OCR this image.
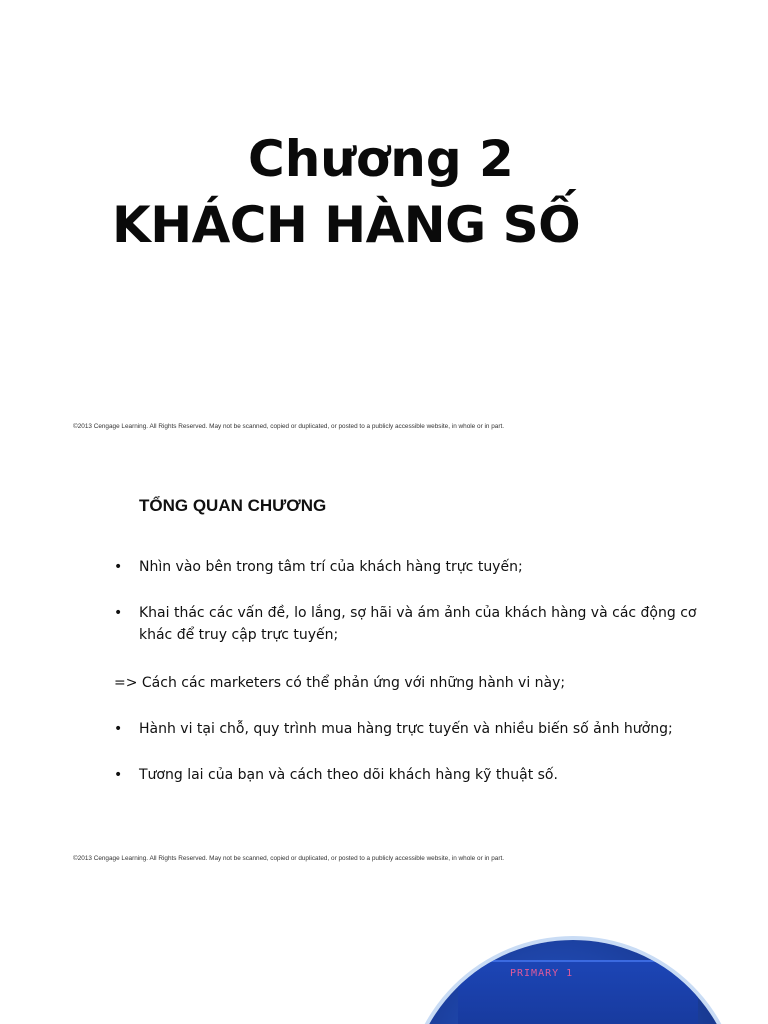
Chương 2
KHÁCH HÀNG SỐ
©2013 Cengage Learning. All Rights Reserved. May not be scanned, copied or duplicated, or posted to a publicly accessible website, in whole or in part.
TỔNG QUAN CHƯƠNG
•	Nhìn vào bên trong tâm trí của khách hàng trực tuyến;
•	Khai thác các vấn đề, lo lắng, sợ hãi và ám ảnh của khách hàng và các động cơ khác để truy cập trực tuyến;
=> Cách các marketers có thể phản ứng với những hành vi này;
•	Hành vi tại chỗ, quy trình mua hàng trực tuyến và nhiều biến số ảnh hưởng;
•	Tương lai của bạn và cách theo dõi khách hàng kỹ thuật số.
©2013 Cengage Learning. All Rights Reserved. May not be scanned, copied or duplicated, or posted to a publicly accessible website, in whole or in part.
PRIMARY 1
